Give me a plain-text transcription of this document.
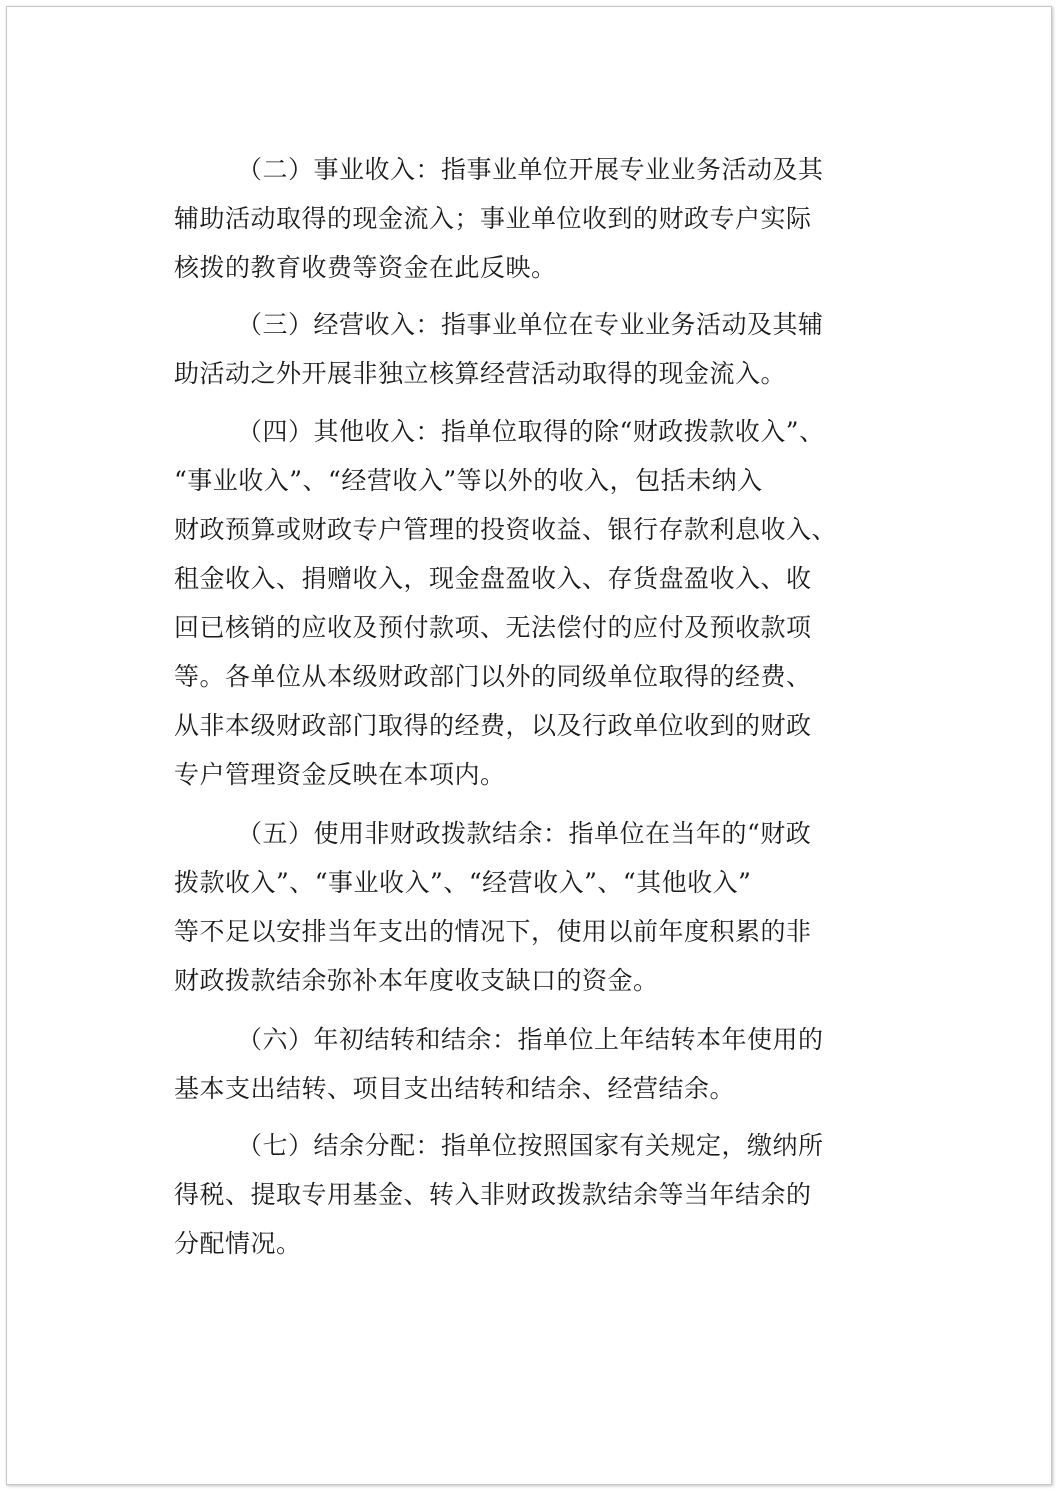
（二）事业收入：指事业单位开展专业业务活动及其
辅助活动取得的现金流入；事业单位收到的财政专户实际
核拨的教育收费等资金在此反映。
（三）经营收入：指事业单位在专业业务活动及其辅
助活动之外开展非独立核算经营活动取得的现金流入。
（四）其他收入：指单位取得的除“财政拨款收入”、
“事业收入”、“经营收入”等以外的收入，包括未纳入
财政预算或财政专户管理的投资收益、银行存款利息收入、
租金收入、捐赠收入，现金盘盈收入、存货盘盈收入、收
回已核销的应收及预付款项、无法偿付的应付及预收款项
等。各单位从本级财政部门以外的同级单位取得的经费、
从非本级财政部门取得的经费，以及行政单位收到的财政
专户管理资金反映在本项内。
（五）使用非财政拨款结余：指单位在当年的“财政
拨款收入”、“事业收入”、“经营收入”、“其他收入”
等不足以安排当年支出的情况下，使用以前年度积累的非
财政拨款结余弥补本年度收支缺口的资金。
（六）年初结转和结余：指单位上年结转本年使用的
基本支出结转、项目支出结转和结余、经营结余。
（七）结余分配：指单位按照国家有关规定，缴纳所
得税、提取专用基金、转入非财政拨款结余等当年结余的
分配情况。
